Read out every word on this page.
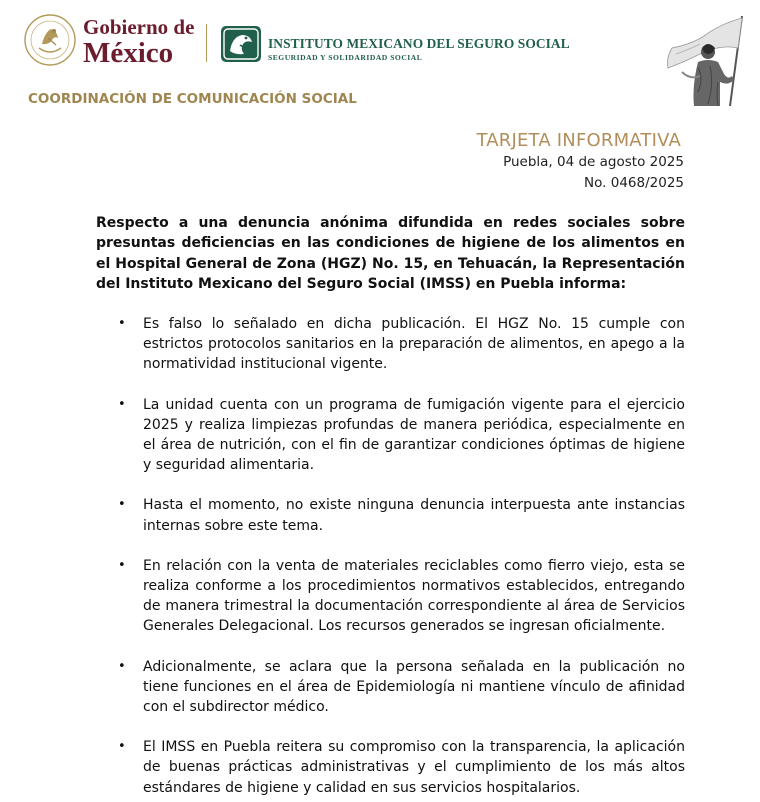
Gobierno de
México	INSTITUTO MEXICANO DEL SEGURO SOCIAL
SEGURIDAD Y SOLIDARIDAD SOCIAL
COORDINACIÓN DE COMUNICACIÓN SOCIAL
TARJETA INFORMATIVA
Puebla, 04 de agosto 2025
No. 0468/2025
Respecto a una denuncia anónima difundida en redes sociales sobre presuntas deficiencias en las condiciones de higiene de los alimentos en el Hospital General de Zona (HGZ) No. 15, en Tehuacán, la Representación del Instituto Mexicano del Seguro Social (IMSS) en Puebla informa:
• Es falso lo señalado en dicha publicación. El HGZ No. 15 cumple con estrictos protocolos sanitarios en la preparación de alimentos, en apego a la normatividad institucional vigente.
• La unidad cuenta con un programa de fumigación vigente para el ejercicio 2025 y realiza limpiezas profundas de manera periódica, especialmente en el área de nutrición, con el fin de garantizar condiciones óptimas de higiene y seguridad alimentaria.
• Hasta el momento, no existe ninguna denuncia interpuesta ante instancias internas sobre este tema.
• En relación con la venta de materiales reciclables como fierro viejo, esta se realiza conforme a los procedimientos normativos establecidos, entregando de manera trimestral la documentación correspondiente al área de Servicios Generales Delegacional. Los recursos generados se ingresan oficialmente.
• Adicionalmente, se aclara que la persona señalada en la publicación no tiene funciones en el área de Epidemiología ni mantiene vínculo de afinidad con el subdirector médico.
• El IMSS en Puebla reitera su compromiso con la transparencia, la aplicación de buenas prácticas administrativas y el cumplimiento de los más altos estándares de higiene y calidad en sus servicios hospitalarios.
